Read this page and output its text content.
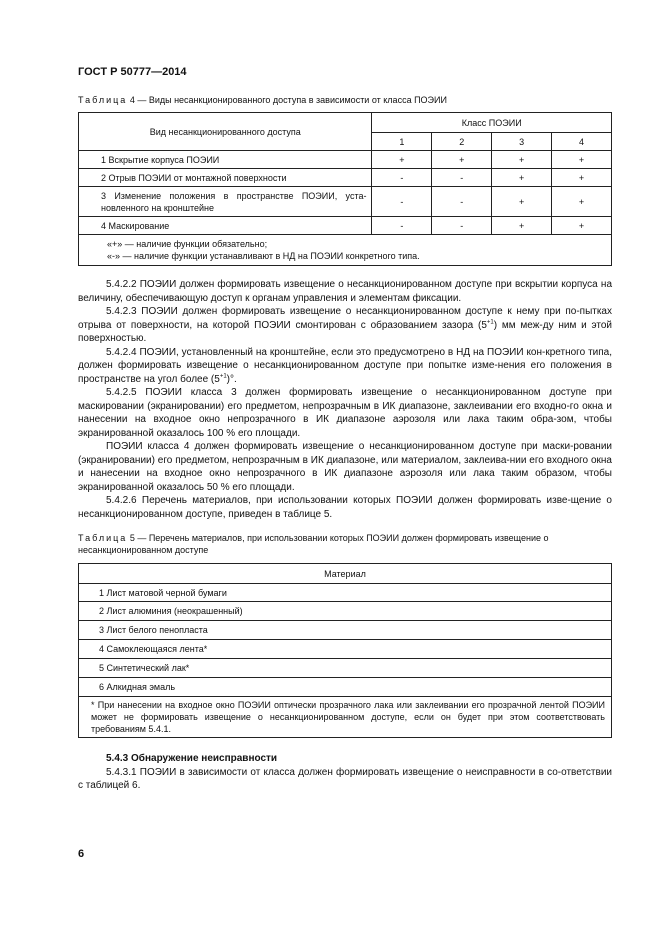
ГОСТ Р 50777—2014
Таблица 4 — Виды несанкционированного доступа в зависимости от класса ПОЭИИ
Вид несанкционированного доступа	Класс ПОЭИИ			
	1	2	3	4
1 Вскрытие корпуса ПОЭИИ	+	+	+	+
2 Отрыв ПОЭИИ от монтажной поверхности	-	-	+	+
3 Изменение положения в пространстве ПОЭИИ, уста-новленного на кронштейне	-	-	+	+
4 Маскирование	-	-	+	+

«+» — наличие функции обязательно;
«-» — наличие функции устанавливают в НД на ПОЭИИ конкретного типа.				

5.4.2.2 ПОЭИИ должен формировать извещение о несанкционированном доступе при вскрытии корпуса на величину, обеспечивающую доступ к органам управления и элементам фиксации.

5.4.2.3 ПОЭИИ должен формировать извещение о несанкционированном доступе к нему при по-пытках отрыва от поверхности, на которой ПОЭИИ смонтирован с образованием зазора $(5^{+1})$ мм меж-ду ним и этой поверхностью.

5.4.2.4 ПОЭИИ, установленный на кронштейне, если это предусмотрено в НД на ПОЭИИ кон-кретного типа, должен формировать извещение о несанкционированном доступе при попытке изме-нения его положения в пространстве на угол более $(5^{+1})^\circ$.

5.4.2.5 ПОЭИИ класса 3 должен формировать извещение о несанкционированном доступе при маскировании (экранировании) его предметом, непрозрачным в ИК диапазоне, заклеивании его входно-го окна и нанесении на входное окно непрозрачного в ИК диапазоне аэрозоля или лака таким обра-зом, чтобы экранированной оказалось 100 % его площади.

ПОЭИИ класса 4 должен формировать извещение о несанкционированном доступе при маски-ровании (экранировании) его предметом, непрозрачным в ИК диапазоне, или материалом, заклеива-нии его входного окна и нанесении на входное окно непрозрачного в ИК диапазоне аэрозоля или лака таким образом, чтобы экранированной оказалось 50 % его площади.

5.4.2.6 Перечень материалов, при использовании которых ПОЭИИ должен формировать изве-щение о несанкционированном доступе, приведен в таблице 5.

Таблица 5 — Перечень материалов, при использовании которых ПОЭИИ должен формировать извещение о несанкционированном доступе
Материал
1 Лист матовой черной бумаги
2 Лист алюминия (неокрашенный)
3 Лист белого пенопласта
4 Самоклеющаяся лента*
5 Синтетический лак*
6 Алкидная эмаль
* При нанесении на входное окно ПОЭИИ оптически прозрачного лака или заклеивании его прозрачной лентой ПОЭИИ может не формировать извещение о несанкционированном доступе, если он будет при этом соответствовать требованиям 5.4.1.

5.4.3 Обнаружение неисправности

5.4.3.1 ПОЭИИ в зависимости от класса должен формировать извещение о неисправности в со-ответствии с таблицей 6.

6
